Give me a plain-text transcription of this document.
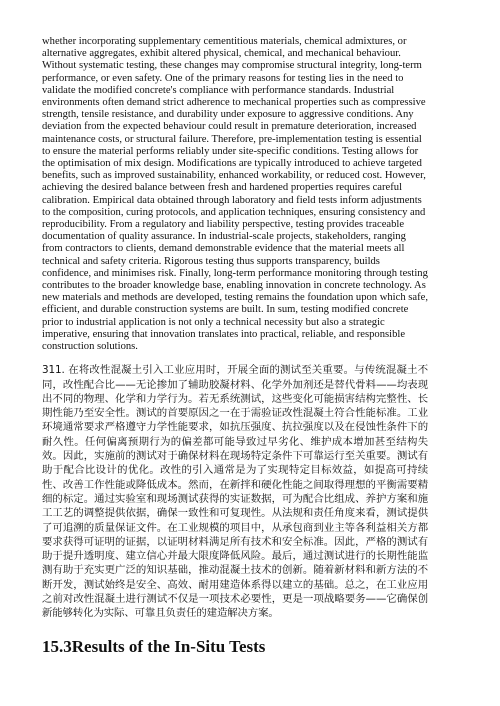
whether incorporating supplementary cementitious materials, chemical admixtures, or alternative aggregates, exhibit altered physical, chemical, and mechanical behaviour. Without systematic testing, these changes may compromise structural integrity, long-term performance, or even safety. One of the primary reasons for testing lies in the need to validate the modified concrete's compliance with performance standards. Industrial environments often demand strict adherence to mechanical properties such as compressive strength, tensile resistance, and durability under exposure to aggressive conditions. Any deviation from the expected behaviour could result in premature deterioration, increased maintenance costs, or structural failure. Therefore, pre-implementation testing is essential to ensure the material performs reliably under site-specific conditions. Testing allows for the optimisation of mix design. Modifications are typically introduced to achieve targeted benefits, such as improved sustainability, enhanced workability, or reduced cost. However, achieving the desired balance between fresh and hardened properties requires careful calibration. Empirical data obtained through laboratory and field tests inform adjustments to the composition, curing protocols, and application techniques, ensuring consistency and reproducibility. From a regulatory and liability perspective, testing provides traceable documentation of quality assurance. In industrial-scale projects, stakeholders, ranging from contractors to clients, demand demonstrable evidence that the material meets all technical and safety criteria. Rigorous testing thus supports transparency, builds confidence, and minimises risk. Finally, long-term performance monitoring through testing contributes to the broader knowledge base, enabling innovation in concrete technology. As new materials and methods are developed, testing remains the foundation upon which safe, efficient, and durable construction systems are built. In sum, testing modified concrete prior to industrial application is not only a technical necessity but also a strategic imperative, ensuring that innovation translates into practical, reliable, and responsible construction solutions.

311. 在将改性混凝土引入工业应用时，开展全面的测试至关重要。与传统混凝土不同，改性配合比——无论掺加了辅助胶凝材料、化学外加剂还是替代骨料——均表现出不同的物理、化学和力学行为。若无系统测试，这些变化可能损害结构完整性、长期性能乃至安全性。测试的首要原因之一在于需验证改性混凝土符合性能标准。工业环境通常要求严格遵守力学性能要求，如抗压强度、抗拉强度以及在侵蚀性条件下的耐久性。任何偏离预期行为的偏差都可能导致过早劣化、维护成本增加甚至结构失效。因此，实施前的测试对于确保材料在现场特定条件下可靠运行至关重要。测试有助于配合比设计的优化。改性的引入通常是为了实现特定目标效益，如提高可持续性、改善工作性能或降低成本。然而，在新拌和硬化性能之间取得理想的平衡需要精细的标定。通过实验室和现场测试获得的实证数据，可为配合比组成、养护方案和施工工艺的调整提供依据，确保一致性和可复现性。从法规和责任角度来看，测试提供了可追溯的质量保证文件。在工业规模的项目中，从承包商到业主等各利益相关方都要求获得可证明的证据，以证明材料满足所有技术和安全标准。因此，严格的测试有助于提升透明度、建立信心并最大限度降低风险。最后，通过测试进行的长期性能监测有助于充实更广泛的知识基础，推动混凝土技术的创新。随着新材料和新方法的不断开发，测试始终是安全、高效、耐用建造体系得以建立的基础。总之，在工业应用之前对改性混凝土进行测试不仅是一项技术必要性，更是一项战略要务——它确保创新能够转化为实际、可靠且负责任的建造解决方案。

15.3Results of the In-Situ Tests
